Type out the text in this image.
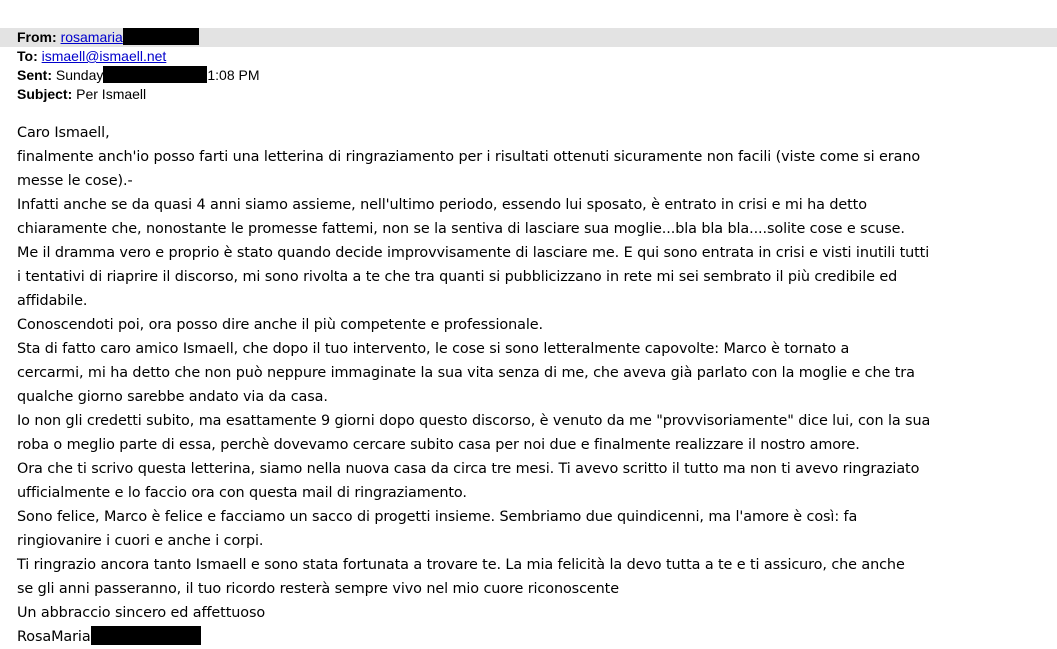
From: rosamaria
To: ismaell@ismaell.net
Sent: Sunday	1:08 PM
Subject: Per Ismaell
Caro Ismaell,
finalmente anch'io posso farti una letterina di ringraziamento per i risultati ottenuti sicuramente non facili (viste come si erano
messe le cose).-
Infatti anche se da quasi 4 anni siamo assieme, nell'ultimo periodo, essendo lui sposato, è entrato in crisi e mi ha detto
chiaramente che, nonostante le promesse fattemi, non se la sentiva di lasciare sua moglie...bla bla bla....solite cose e scuse.
Me il dramma vero e proprio è stato quando decide improvvisamente di lasciare me. E qui sono entrata in crisi e visti inutili tutti
i tentativi di riaprire il discorso, mi sono rivolta a te che tra quanti si pubblicizzano in rete mi sei sembrato il più credibile ed
affidabile.
Conoscendoti poi, ora posso dire anche il più competente e professionale.
Sta di fatto caro amico Ismaell, che dopo il tuo intervento, le cose si sono letteralmente capovolte: Marco è tornato a
cercarmi, mi ha detto che non può neppure immaginate la sua vita senza di me, che aveva già parlato con la moglie e che tra
qualche giorno sarebbe andato via da casa.
Io non gli credetti subito, ma esattamente 9 giorni dopo questo discorso, è venuto da me "provvisoriamente" dice lui, con la sua
roba o meglio parte di essa, perchè dovevamo cercare subito casa per noi due e finalmente realizzare il nostro amore.
Ora che ti scrivo questa letterina, siamo nella nuova casa da circa tre mesi. Ti avevo scritto il tutto ma non ti avevo ringraziato
ufficialmente e lo faccio ora con questa mail di ringraziamento.
Sono felice, Marco è felice e facciamo un sacco di progetti insieme. Sembriamo due quindicenni, ma l'amore è così: fa
ringiovanire i cuori e anche i corpi.
Ti ringrazio ancora tanto Ismaell e sono stata fortunata a trovare te. La mia felicità la devo tutta a te e ti assicuro, che anche
se gli anni passeranno, il tuo ricordo resterà sempre vivo nel mio cuore riconoscente
Un abbraccio sincero ed affettuoso
RosaMaria
